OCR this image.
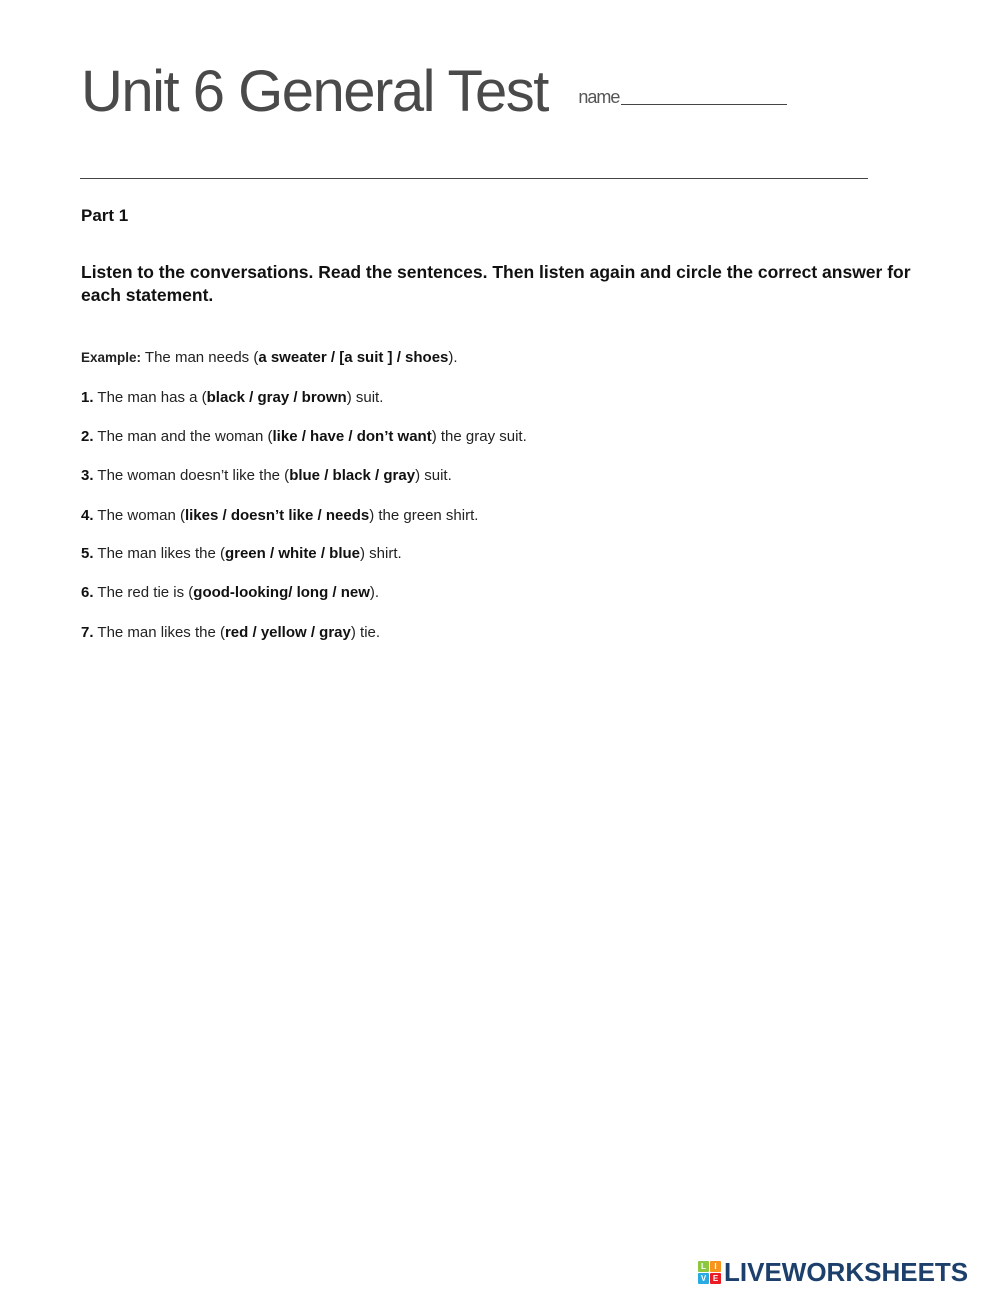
Unit 6 General Test name
Part 1
Listen to the conversations. Read the sentences. Then listen again and circle the correct answer for each statement.
Example: The man needs (a sweater / [a suit ] / shoes).
1. The man has a (black / gray / brown) suit.
2. The man and the woman (like / have / don’t want) the gray suit.
3. The woman doesn’t like the (blue / black / gray) suit.
4. The woman (likes / doesn’t like / needs) the green shirt.
5. The man likes the (green / white / blue) shirt.
6. The red tie is (good-looking/ long / new).
7. The man likes the (red / yellow / gray) tie.
L	I
V E LIVEWORKSHEETS
